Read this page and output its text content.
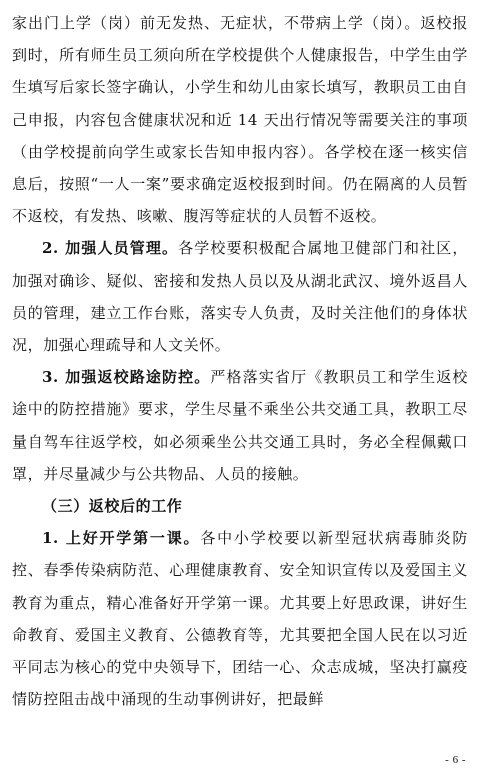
家出门上学（岗）前无发热、无症状，不带病上学（岗）。返校报到时，所有师生员工须向所在学校提供个人健康报告，中学生由学生填写后家长签字确认，小学生和幼儿由家长填写，教职员工由自己申报，内容包含健康状况和近 14 天出行情况等需要关注的事项（由学校提前向学生或家长告知申报内容）。各学校在逐一核实信息后，按照“一人一案”要求确定返校报到时间。仍在隔离的人员暂不返校，有发热、咳嗽、腹泻等症状的人员暂不返校。

2. 加强人员管理。各学校要积极配合属地卫健部门和社区，加强对确诊、疑似、密接和发热人员以及从湖北武汉、境外返昌人员的管理，建立工作台账，落实专人负责，及时关注他们的身体状况，加强心理疏导和人文关怀。

3. 加强返校路途防控。严格落实省厅《教职员工和学生返校途中的防控措施》要求，学生尽量不乘坐公共交通工具，教职工尽量自驾车往返学校，如必须乘坐公共交通工具时，务必全程佩戴口罩，并尽量减少与公共物品、人员的接触。

（三）返校后的工作

1. 上好开学第一课。各中小学校要以新型冠状病毒肺炎防控、春季传染病防范、心理健康教育、安全知识宣传以及爱国主义教育为重点，精心准备好开学第一课。尤其要上好思政课，讲好生命教育、爱国主义教育、公德教育等，尤其要把全国人民在以习近平同志为核心的党中央领导下，团结一心、众志成城，坚决打赢疫情防控阻击战中涌现的生动事例讲好，把最鲜

- 6 -
